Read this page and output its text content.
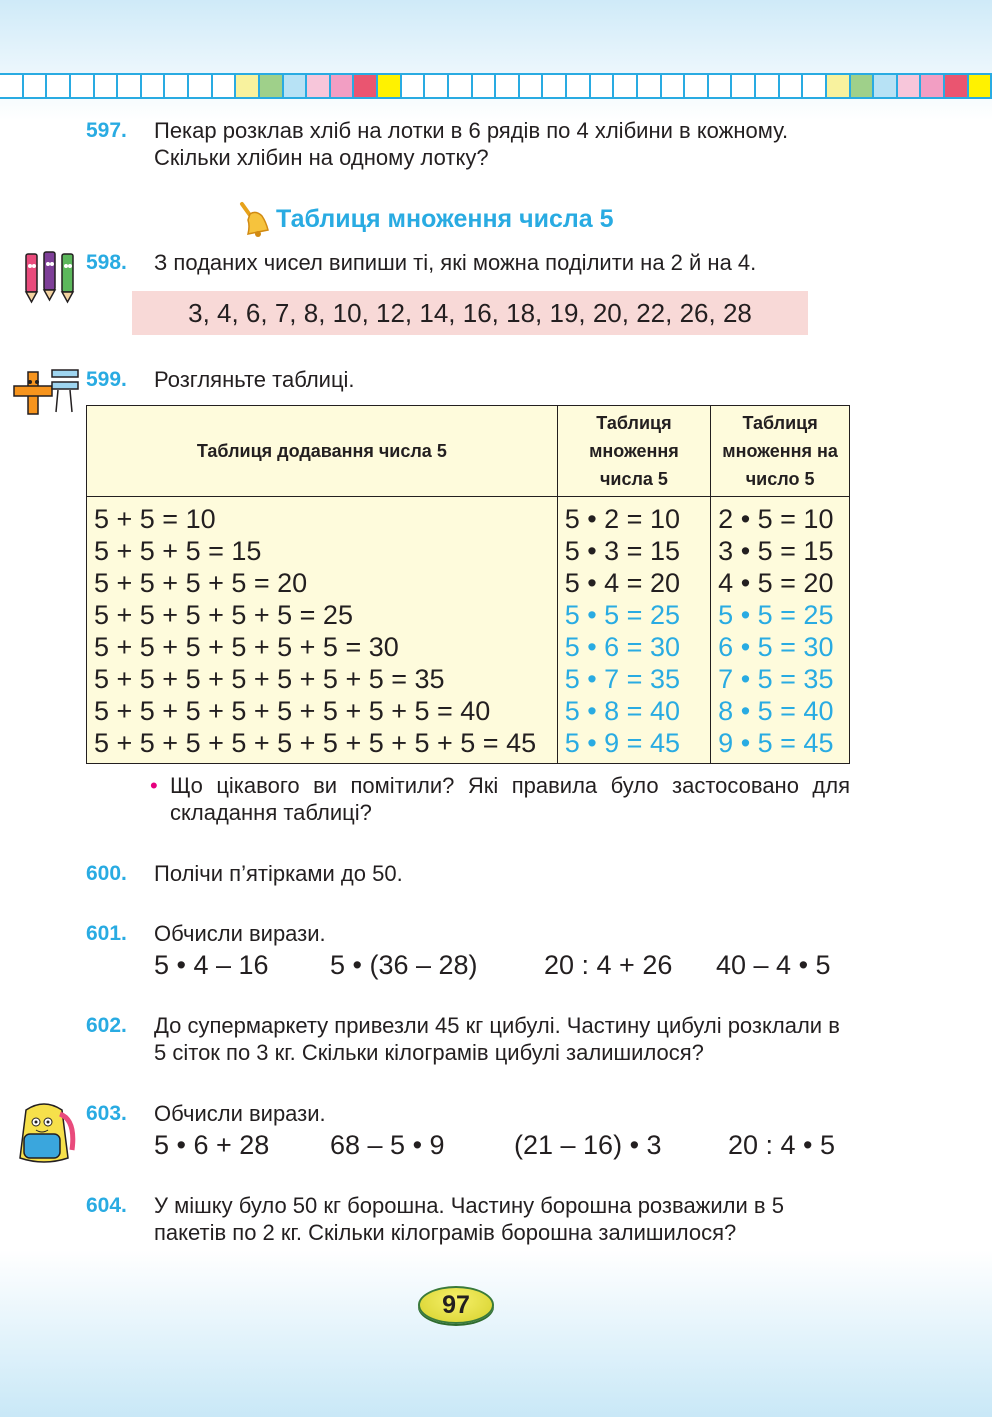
597. Пекар розклав хліб на лотки в 6 рядів по 4 хлібини в кожному. Скільки хлібин на одному лотку?
Таблиця множення числа 5
598. З поданих чисел випиши ті, які можна поділити на 2 й на 4.
3, 4, 6, 7, 8, 10, 12, 14, 16, 18, 19, 20, 22, 26, 28
599. Розгляньте таблиці.
Таблиця додавання числа 5	Таблиця множення числа 5	Таблиця множення на число 5
5 + 5 = 10	5 • 2 = 10	2 • 5 = 10
5 + 5 + 5 = 15	5 • 3 = 15	3 • 5 = 15
5 + 5 + 5 + 5 = 20	5 • 4 = 20	4 • 5 = 20
5 + 5 + 5 + 5 + 5 = 25	5 • 5 = 25	5 • 5 = 25
5 + 5 + 5 + 5 + 5 + 5 = 30	5 • 6 = 30	6 • 5 = 30
5 + 5 + 5 + 5 + 5 + 5 + 5 = 35	5 • 7 = 35	7 • 5 = 35
5 + 5 + 5 + 5 + 5 + 5 + 5 + 5 = 40	5 • 8 = 40	8 • 5 = 40
5 + 5 + 5 + 5 + 5 + 5 + 5 + 5 + 5 = 45	5 • 9 = 45	9 • 5 = 45
• Що цікавого ви помітили? Які правила було застосовано для складання таблиці?
600. Полічи п’ятірками до 50.
601. Обчисли вирази.
5 • 4 – 16 5 • (36 – 28) 20 : 4 + 26 40 – 4 • 5
602. До супермаркету привезли 45 кг цибулі. Частину цибулі розклали в 5 сіток по 3 кг. Скільки кілограмів цибулі залишилося?
603. Обчисли вирази.
5 • 6 + 28 68 – 5 • 9	(21 – 16) • 3 20 : 4 • 5
604. У мішку було 50 кг борошна. Частину борошна розважили в 5 пакетів по 2 кг. Скільки кілограмів борошна залишилося?
97
